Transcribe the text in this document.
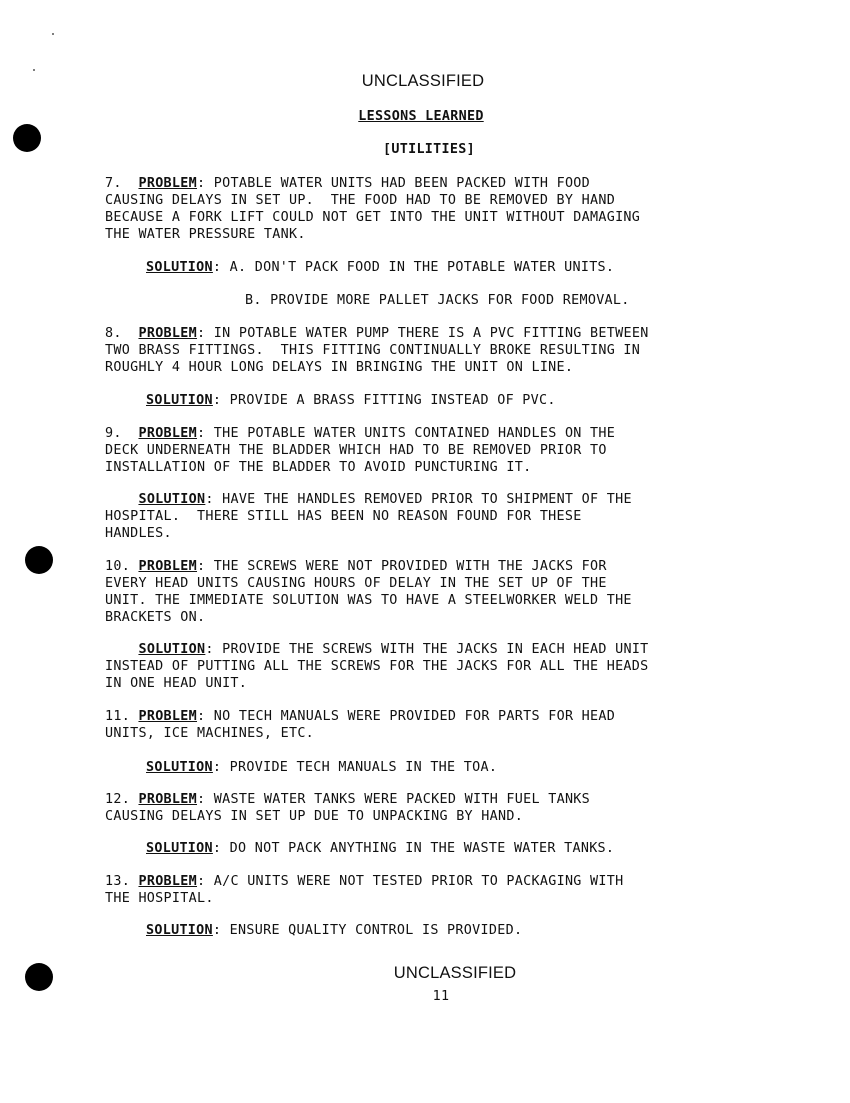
UNCLASSIFIED
LESSONS LEARNED
[UTILITIES]
7. PROBLEM: POTABLE WATER UNITS HAD BEEN PACKED WITH FOOD
CAUSING DELAYS IN SET UP.  THE FOOD HAD TO BE REMOVED BY HAND
BECAUSE A FORK LIFT COULD NOT GET INTO THE UNIT WITHOUT DAMAGING
THE WATER PRESSURE TANK.
SOLUTION: A. DON'T PACK FOOD IN THE POTABLE WATER UNITS.
B. PROVIDE MORE PALLET JACKS FOR FOOD REMOVAL.
8. PROBLEM: IN POTABLE WATER PUMP THERE IS A PVC FITTING BETWEEN
TWO BRASS FITTINGS.  THIS FITTING CONTINUALLY BROKE RESULTING IN
ROUGHLY 4 HOUR LONG DELAYS IN BRINGING THE UNIT ON LINE.
SOLUTION: PROVIDE A BRASS FITTING INSTEAD OF PVC.
9. PROBLEM: THE POTABLE WATER UNITS CONTAINED HANDLES ON THE
DECK UNDERNEATH THE BLADDER WHICH HAD TO BE REMOVED PRIOR TO
INSTALLATION OF THE BLADDER TO AVOID PUNCTURING IT.
SOLUTION: HAVE THE HANDLES REMOVED PRIOR TO SHIPMENT OF THE
HOSPITAL.  THERE STILL HAS BEEN NO REASON FOUND FOR THESE
HANDLES.
10. PROBLEM: THE SCREWS WERE NOT PROVIDED WITH THE JACKS FOR
EVERY HEAD UNITS CAUSING HOURS OF DELAY IN THE SET UP OF THE
UNIT. THE IMMEDIATE SOLUTION WAS TO HAVE A STEELWORKER WELD THE
BRACKETS ON.
SOLUTION: PROVIDE THE SCREWS WITH THE JACKS IN EACH HEAD UNIT
INSTEAD OF PUTTING ALL THE SCREWS FOR THE JACKS FOR ALL THE HEADS
IN ONE HEAD UNIT.
11. PROBLEM: NO TECH MANUALS WERE PROVIDED FOR PARTS FOR HEAD
UNITS, ICE MACHINES, ETC.
SOLUTION: PROVIDE TECH MANUALS IN THE TOA.
12. PROBLEM: WASTE WATER TANKS WERE PACKED WITH FUEL TANKS
CAUSING DELAYS IN SET UP DUE TO UNPACKING BY HAND.
SOLUTION: DO NOT PACK ANYTHING IN THE WASTE WATER TANKS.
13. PROBLEM: A/C UNITS WERE NOT TESTED PRIOR TO PACKAGING WITH
THE HOSPITAL.
SOLUTION: ENSURE QUALITY CONTROL IS PROVIDED.
UNCLASSIFIED
11
